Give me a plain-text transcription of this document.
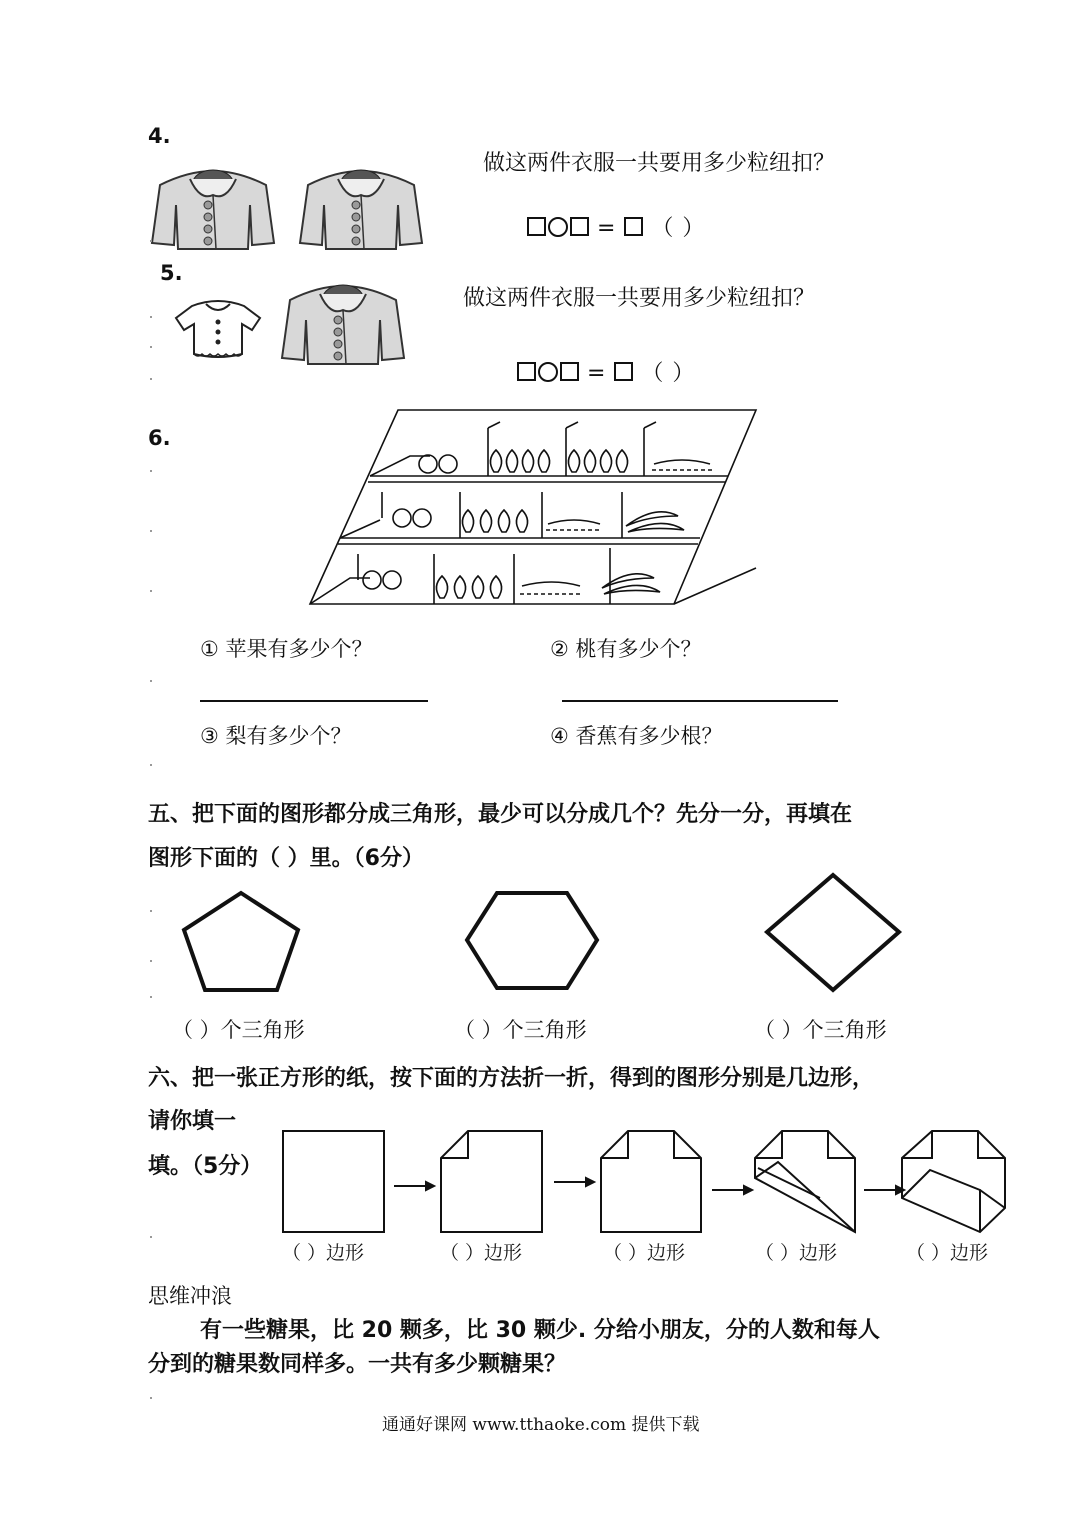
4.
做这两件衣服一共要用多少粒纽扣？
=  （ ）
5.
做这两件衣服一共要用多少粒纽扣？
=  （ ）
6.
① 苹果有多少个？	② 桃有多少个？
③ 梨有多少个？	④ 香蕉有多少根？
五、把下面的图形都分成三角形，最少可以分成几个？先分一分，再填在
图形下面的（ ）里。（6分）
（ ）个三角形	（ ）个三角形	（ ）个三角形
六、把一张正方形的纸，按下面的方法折一折，得到的图形分别是几边形，
请你填一
填。（5分）
（ ）边形	（ ）边形	（ ）边形	（ ）边形	（ ）边形
思维冲浪
有一些糖果，比 20 颗多，比 30 颗少. 分给小朋友，分的人数和每人
分到的糖果数同样多。一共有多少颗糖果？
通通好课网 www.tthaoke.com 提供下载
